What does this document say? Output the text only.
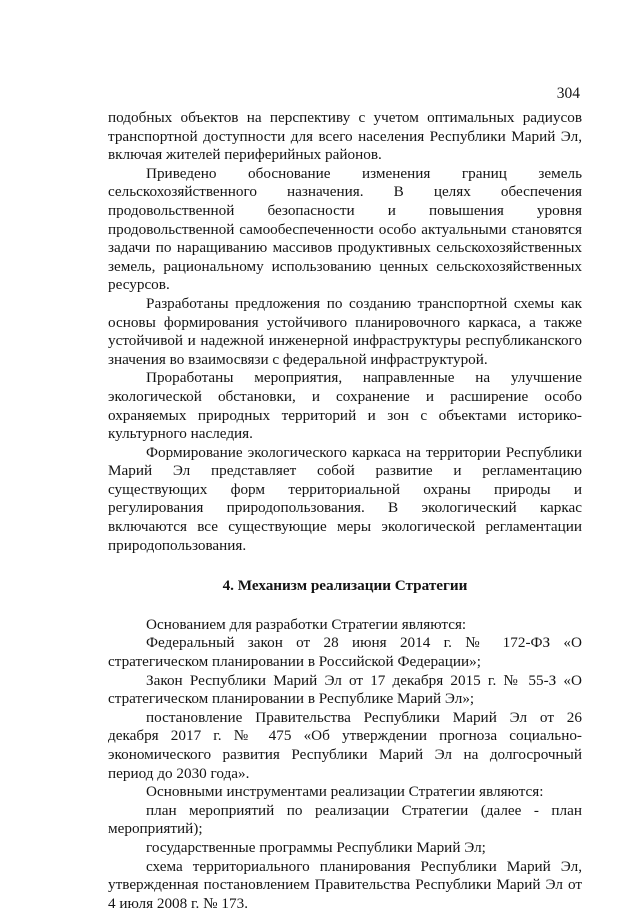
304

подобных объектов на перспективу с учетом оптимальных радиусов транспортной доступности для всего населения Республики Марий Эл, включая жителей периферийных районов.

Приведено обоснование изменения границ земель сельскохозяйственного назначения. В целях обеспечения продовольственной безопасности и повышения уровня продовольственной самообеспеченности особо актуальными становятся задачи по наращиванию массивов продуктивных сельскохозяйственных земель, рациональному использованию ценных сельскохозяйственных ресурсов.

Разработаны предложения по созданию транспортной схемы как основы формирования устойчивого планировочного каркаса, а также устойчивой и надежной инженерной инфраструктуры республиканского значения во взаимосвязи с федеральной инфраструктурой.

Проработаны мероприятия, направленные на улучшение экологической обстановки, и сохранение и расширение особо охраняемых природных территорий и зон с объектами историко-культурного наследия.

Формирование экологического каркаса на территории Республики Марий Эл представляет собой развитие и регламентацию существующих форм территориальной охраны природы и регулирования природопользования. В экологический каркас включаются все существующие меры экологической регламентации природопользования.

4. Механизм реализации Стратегии

Основанием для разработки Стратегии являются:

Федеральный закон от 28 июня 2014 г. № 172-ФЗ «О стратегическом планировании в Российской Федерации»;

Закон Республики Марий Эл от 17 декабря 2015 г. № 55-З «О стратегическом планировании в Республике Марий Эл»;

постановление Правительства Республики Марий Эл от 26 декабря 2017 г. № 475 «Об утверждении прогноза социально-экономического развития Республики Марий Эл на долгосрочный период до 2030 года».

Основными инструментами реализации Стратегии являются:

план мероприятий по реализации Стратегии (далее - план мероприятий);

государственные программы Республики Марий Эл;

схема территориального планирования Республики Марий Эл, утвержденная постановлением Правительства Республики Марий Эл от 4 июля 2008 г. № 173.
